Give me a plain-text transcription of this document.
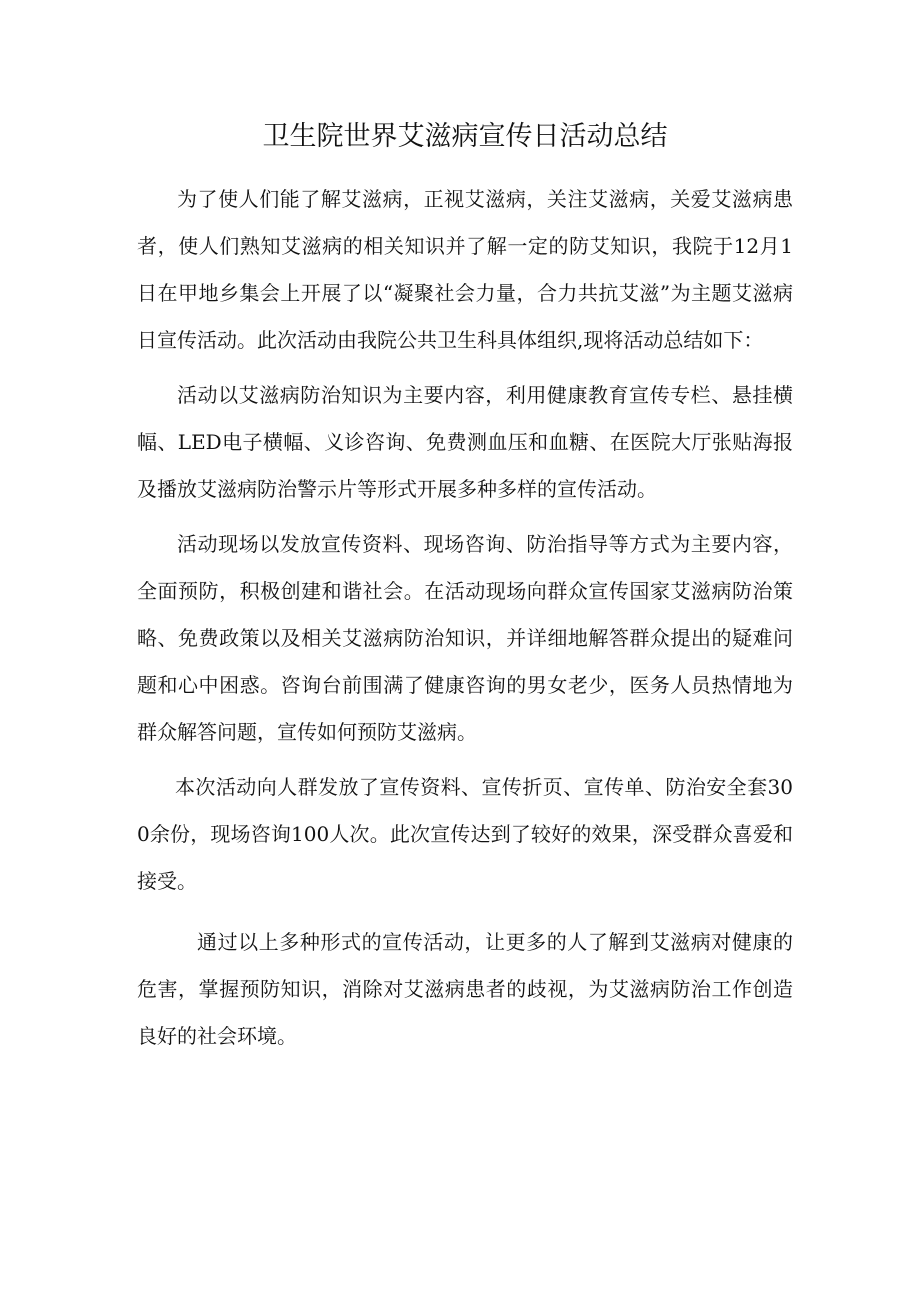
卫生院世界艾滋病宣传日活动总结

为了使人们能了解艾滋病，正视艾滋病，关注艾滋病，关爱艾滋病患者，使人们熟知艾滋病的相关知识并了解一定的防艾知识，我院于12月1日在甲地乡集会上开展了以“凝聚社会力量，合力共抗艾滋”为主题艾滋病日宣传活动。此次活动由我院公共卫生科具体组织,现将活动总结如下：

活动以艾滋病防治知识为主要内容，利用健康教育宣传专栏、悬挂横幅、LED电子横幅、义诊咨询、免费测血压和血糖、在医院大厅张贴海报及播放艾滋病防治警示片等形式开展多种多样的宣传活动。

活动现场以发放宣传资料、现场咨询、防治指导等方式为主要内容，全面预防，积极创建和谐社会。在活动现场向群众宣传国家艾滋病防治策略、免费政策以及相关艾滋病防治知识，并详细地解答群众提出的疑难问题和心中困惑。咨询台前围满了健康咨询的男女老少，医务人员热情地为群众解答问题，宣传如何预防艾滋病。

本次活动向人群发放了宣传资料、宣传折页、宣传单、防治安全套300余份，现场咨询100人次。此次宣传达到了较好的效果，深受群众喜爱和接受。

通过以上多种形式的宣传活动，让更多的人了解到艾滋病对健康的危害，掌握预防知识，消除对艾滋病患者的歧视，为艾滋病防治工作创造良好的社会环境。
